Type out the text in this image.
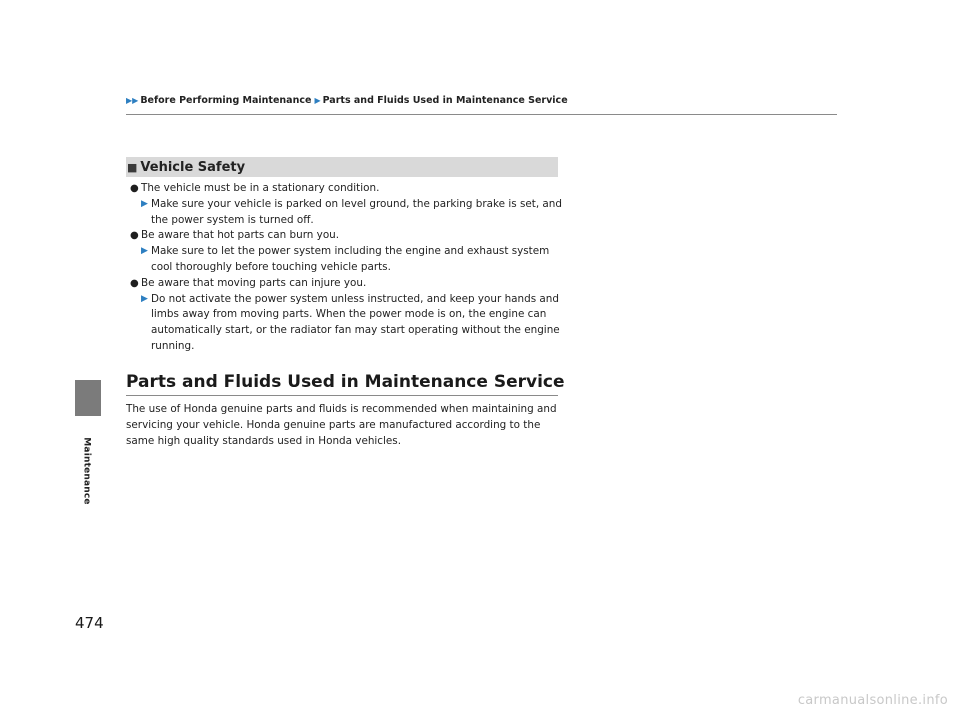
Maintenance
▶▶ Before Performing Maintenance ▶ Parts and Fluids Used in Maintenance Service
■ Vehicle Safety
● The vehicle must be in a stationary condition.
▶ Make sure your vehicle is parked on level ground, the parking brake is set, and the power system is turned off.
● Be aware that hot parts can burn you.
▶ Make sure to let the power system including the engine and exhaust system cool thoroughly before touching vehicle parts.
● Be aware that moving parts can injure you.
▶ Do not activate the power system unless instructed, and keep your hands and limbs away from moving parts. When the power mode is on, the engine can automatically start, or the radiator fan may start operating without the engine running.
Parts and Fluids Used in Maintenance Service
The use of Honda genuine parts and fluids is recommended when maintaining and servicing your vehicle. Honda genuine parts are manufactured according to the same high quality standards used in Honda vehicles.
474
carmanualsonline.info
